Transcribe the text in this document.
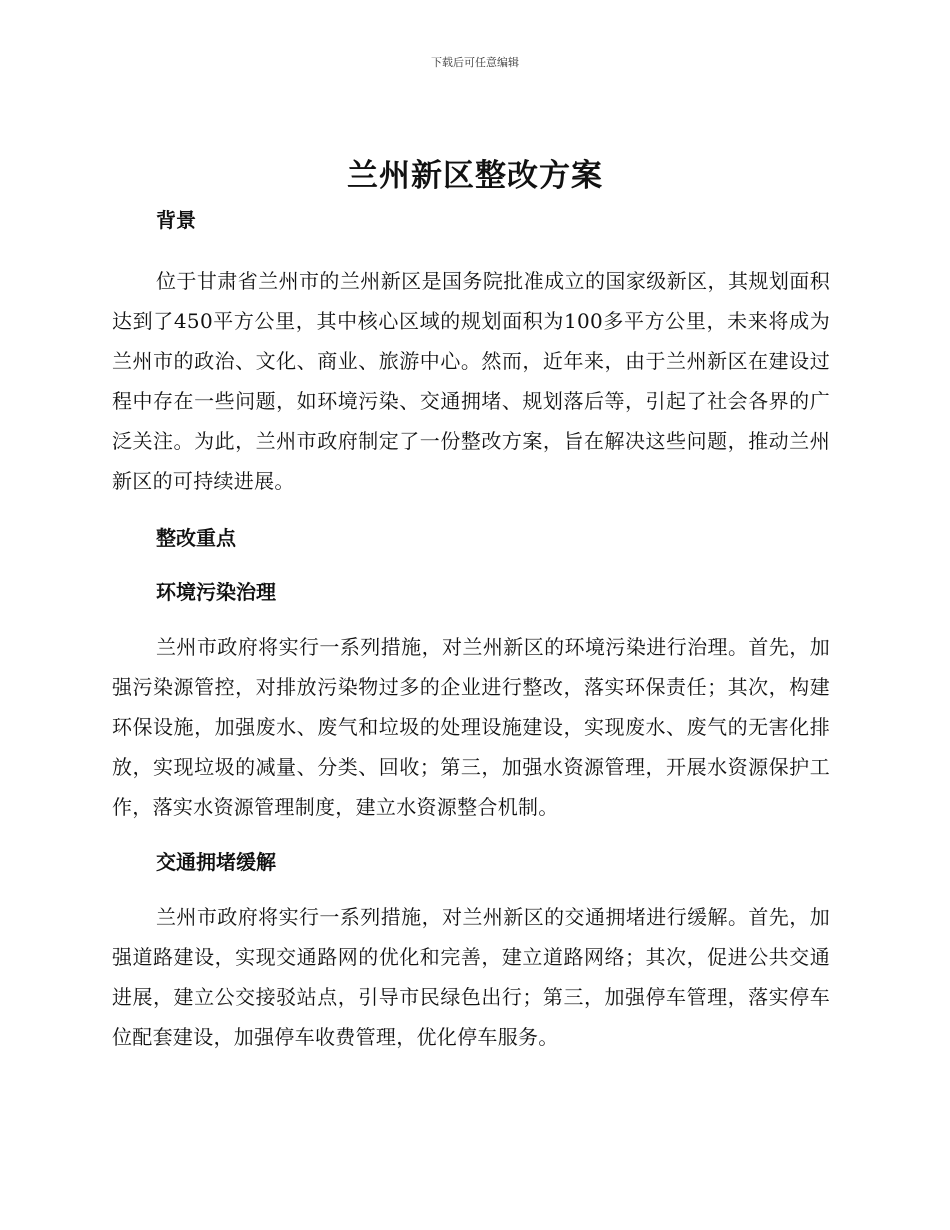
下载后可任意编辑
兰州新区整改方案
背景

位于甘肃省兰州市的兰州新区是国务院批准成立的国家级新区，其规划面积达到了450平方公里，其中核心区域的规划面积为100多平方公里，未来将成为兰州市的政治、文化、商业、旅游中心。然而，近年来，由于兰州新区在建设过程中存在一些问题，如环境污染、交通拥堵、规划落后等，引起了社会各界的广泛关注。为此，兰州市政府制定了一份整改方案，旨在解决这些问题，推动兰州新区的可持续进展。

整改重点
环境污染治理

兰州市政府将实行一系列措施，对兰州新区的环境污染进行治理。首先，加强污染源管控，对排放污染物过多的企业进行整改，落实环保责任；其次，构建环保设施，加强废水、废气和垃圾的处理设施建设，实现废水、废气的无害化排放，实现垃圾的减量、分类、回收；第三，加强水资源管理，开展水资源保护工作，落实水资源管理制度，建立水资源整合机制。

交通拥堵缓解

兰州市政府将实行一系列措施，对兰州新区的交通拥堵进行缓解。首先，加强道路建设，实现交通路网的优化和完善，建立道路网络；其次，促进公共交通进展，建立公交接驳站点，引导市民绿色出行；第三，加强停车管理，落实停车位配套建设，加强停车收费管理，优化停车服务。
